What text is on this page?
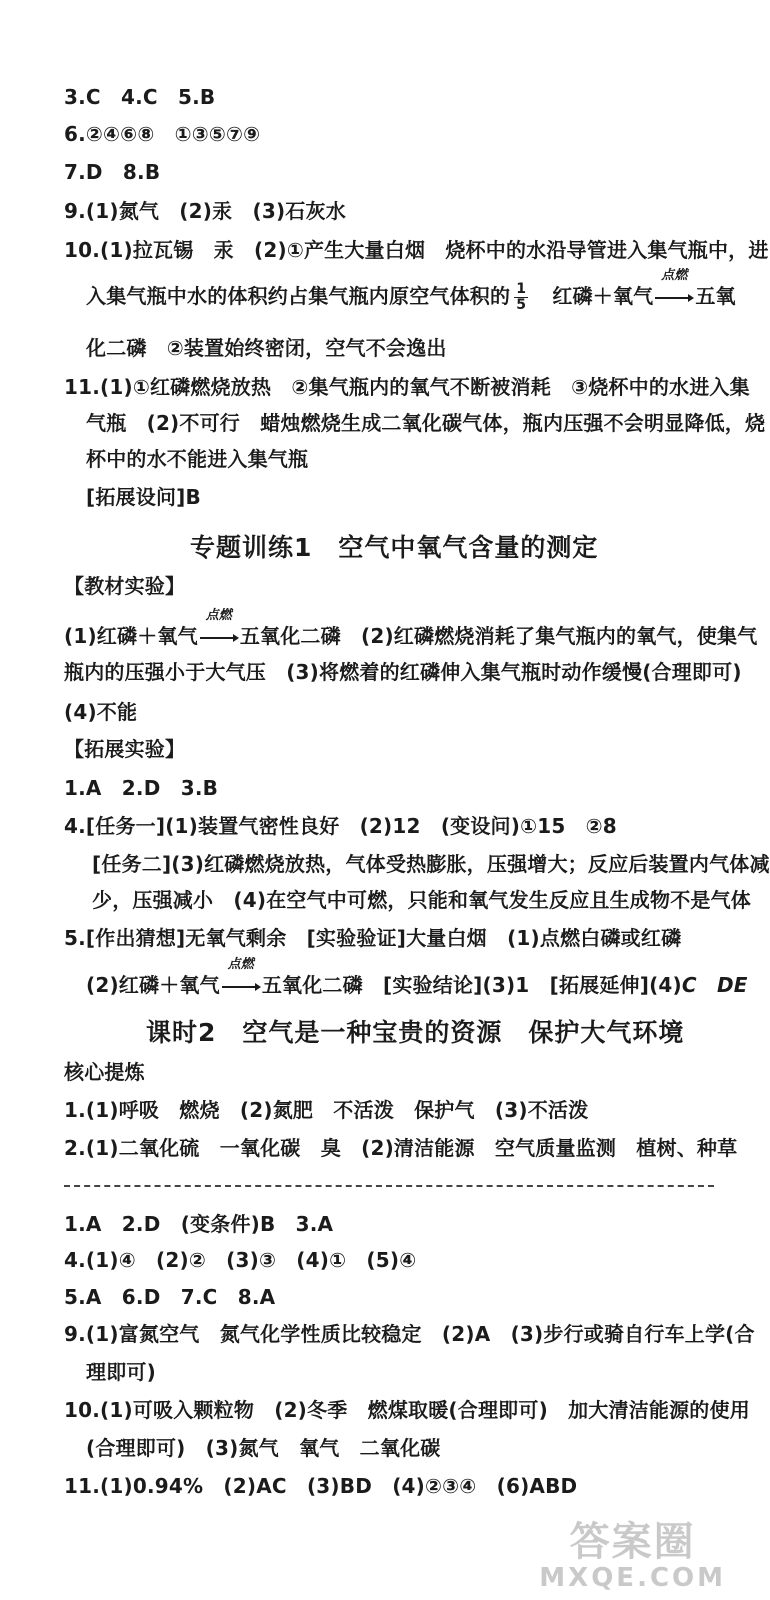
3.C　4.C　5.B
6.②④⑥⑧　①③⑤⑦⑨
7.D　8.B
9.(1)氮气　(2)汞　(3)石灰水
10.(1)拉瓦锡　汞　(2)①产生大量白烟　烧杯中的水沿导管进入集气瓶中，进
入集气瓶中水的体积约占集气瓶内原空气体积的 $\frac{1}{5}$ 　红磷＋氧气
点燃
五氧
化二磷　②装置始终密闭，空气不会逸出
11.(1)①红磷燃烧放热　②集气瓶内的氧气不断被消耗　③烧杯中的水进入集
气瓶　(2)不可行　蜡烛燃烧生成二氧化碳气体，瓶内压强不会明显降低，烧
杯中的水不能进入集气瓶
[拓展设问]B
专题训练1　空气中氧气含量的测定
【教材实验】
(1)红磷＋氧气
点燃
五氧化二磷　(2)红磷燃烧消耗了集气瓶内的氧气，使集气
瓶内的压强小于大气压　(3)将燃着的红磷伸入集气瓶时动作缓慢(合理即可)
(4)不能
【拓展实验】
1.A　2.D　3.B
4.[任务一](1)装置气密性良好　(2)12　(变设问)①15　②8
[任务二](3)红磷燃烧放热，气体受热膨胀，压强增大；反应后装置内气体减
少，压强减小　(4)在空气中可燃，只能和氧气发生反应且生成物不是气体
5.[作出猜想]无氧气剩余　[实验验证]大量白烟　(1)点燃白磷或红磷
(2)红磷＋氧气
点燃
五氧化二磷　[实验结论](3)1　[拓展延伸](4)C　DE
课时2　空气是一种宝贵的资源　保护大气环境
核心提炼
1.(1)呼吸　燃烧　(2)氮肥　不活泼　保护气　(3)不活泼
2.(1)二氧化硫　一氧化碳　臭　(2)清洁能源　空气质量监测　植树、种草
1.A　2.D　(变条件)B　3.A
4.(1)④　(2)②　(3)③　(4)①　(5)④
5.A　6.D　7.C　8.A
9.(1)富氮空气　氮气化学性质比较稳定　(2)A　(3)步行或骑自行车上学(合
理即可)
10.(1)可吸入颗粒物　(2)冬季　燃煤取暖(合理即可)　加大清洁能源的使用
(合理即可)　(3)氮气　氧气　二氧化碳
11.(1)0.94%　(2)AC　(3)BD　(4)②③④　(6)ABD
答案圈
MXQE.COM
